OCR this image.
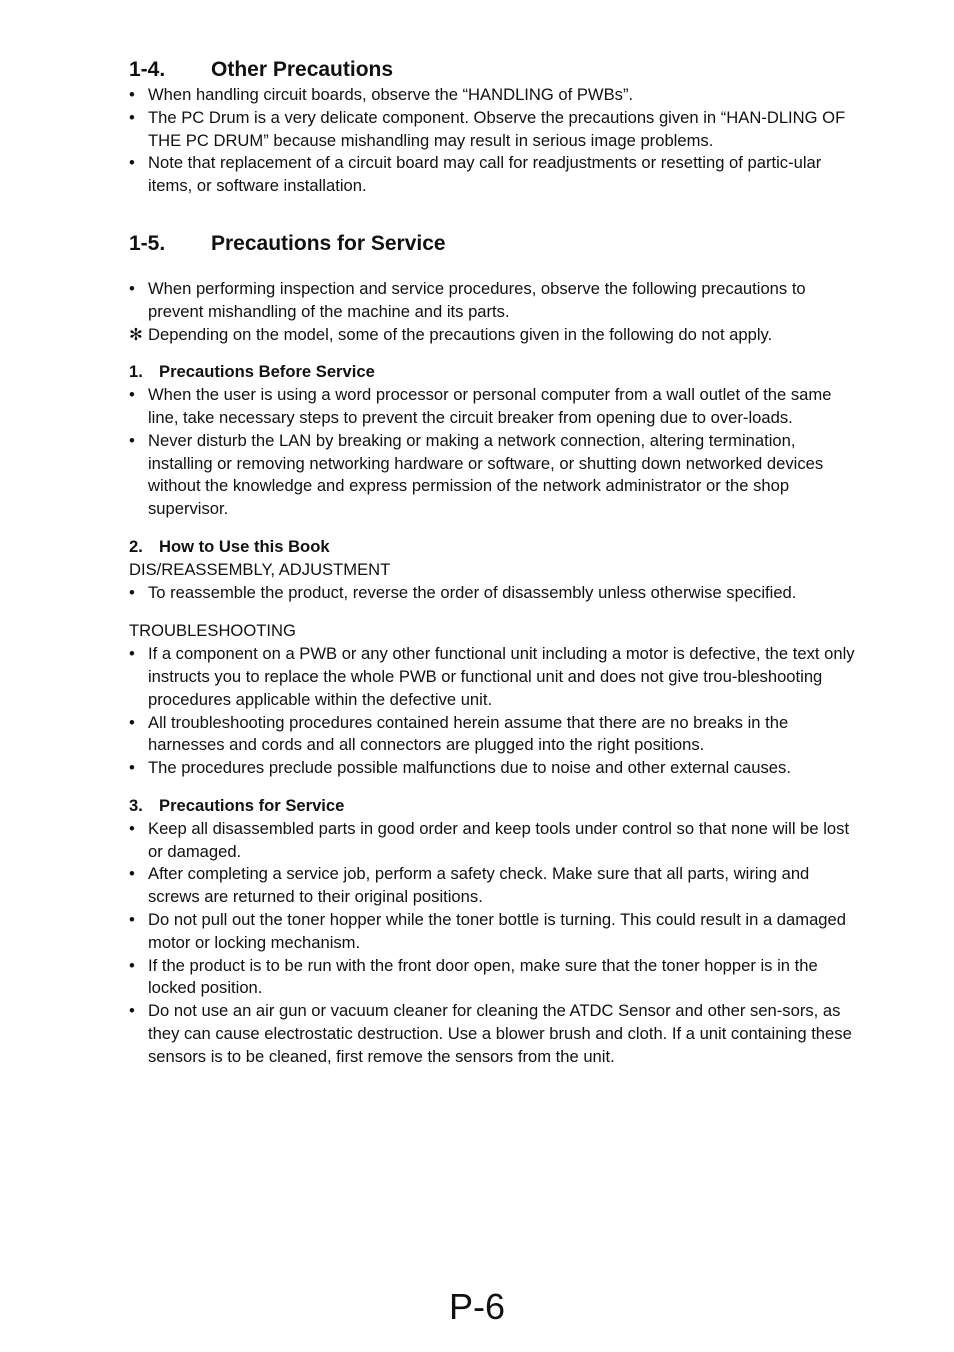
1-4.	Other Precautions
• When handling circuit boards, observe the “HANDLING of PWBs”.
• The PC Drum is a very delicate component. Observe the precautions given in “HAN-DLING OF THE PC DRUM” because mishandling may result in serious image problems.
• Note that replacement of a circuit board may call for readjustments or resetting of partic-ular items, or software installation.
1-5.	Precautions for Service
• When performing inspection and service procedures, observe the following precautions to prevent mishandling of the machine and its parts.
✻ Depending on the model, some of the precautions given in the following do not apply.
1. Precautions Before Service
• When the user is using a word processor or personal computer from a wall outlet of the same line, take necessary steps to prevent the circuit breaker from opening due to over-loads.
• Never disturb the LAN by breaking or making a network connection, altering termination, installing or removing networking hardware or software, or shutting down networked devices without the knowledge and express permission of the network administrator or the shop supervisor.
2. How to Use this Book

DIS/REASSEMBLY, ADJUSTMENT

• To reassemble the product, reverse the order of disassembly unless otherwise specified.

TROUBLESHOOTING

• If a component on a PWB or any other functional unit including a motor is defective, the text only instructs you to replace the whole PWB or functional unit and does not give trou-bleshooting procedures applicable within the defective unit.
• All troubleshooting procedures contained herein assume that there are no breaks in the harnesses and cords and all connectors are plugged into the right positions.
• The procedures preclude possible malfunctions due to noise and other external causes.
3. Precautions for Service
• Keep all disassembled parts in good order and keep tools under control so that none will be lost or damaged.
• After completing a service job, perform a safety check. Make sure that all parts, wiring and screws are returned to their original positions.
• Do not pull out the toner hopper while the toner bottle is turning. This could result in a damaged motor or locking mechanism.
• If the product is to be run with the front door open, make sure that the toner hopper is in the locked position.
• Do not use an air gun or vacuum cleaner for cleaning the ATDC Sensor and other sen-sors, as they can cause electrostatic destruction. Use a blower brush and cloth. If a unit containing these sensors is to be cleaned, first remove the sensors from the unit.
P-6
